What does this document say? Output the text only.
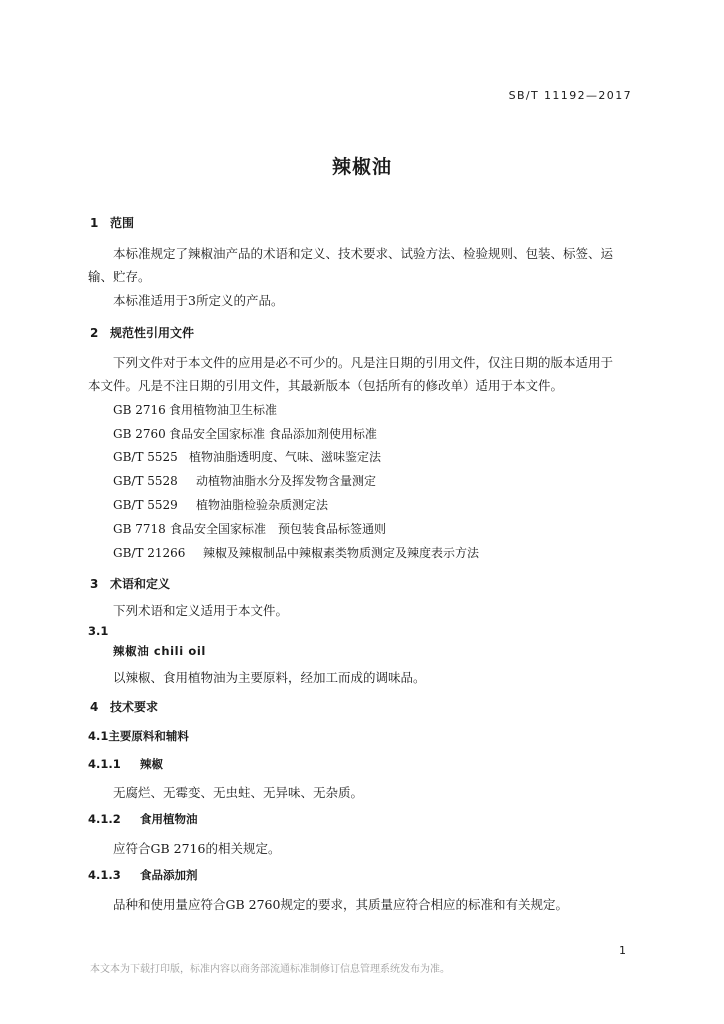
SB/T 11192—2017
辣椒油
1 范围
本标准规定了辣椒油产品的术语和定义、技术要求、试验方法、检验规则、包装、标签、运
输、贮存。
本标准适用于3所定义的产品。
2 规范性引用文件
下列文件对于本文件的应用是必不可少的。凡是注日期的引用文件，仅注日期的版本适用于
本文件。凡是不注日期的引用文件，其最新版本（包括所有的修改单）适用于本文件。
GB 2716 食用植物油卫生标准
GB 2760 食品安全国家标准 食品添加剂使用标准
GB/T 5525 植物油脂透明度、气味、滋味鉴定法
GB/T 5528 动植物油脂水分及挥发物含量测定
GB/T 5529 植物油脂检验杂质测定法
GB 7718 食品安全国家标准　预包装食品标签通则
GB/T 21266 辣椒及辣椒制品中辣椒素类物质测定及辣度表示方法
3 术语和定义
下列术语和定义适用于本文件。
3.1
辣椒油 chili oil
以辣椒、食用植物油为主要原料，经加工而成的调味品。
4 技术要求
4.1主要原料和辅料
4.1.1 辣椒
无腐烂、无霉变、无虫蛀、无异味、无杂质。
4.1.2 食用植物油
应符合GB 2716的相关规定。
4.1.3 食品添加剂
品种和使用量应符合GB 2760规定的要求，其质量应符合相应的标准和有关规定。
1
本文本为下载打印版，标准内容以商务部流通标准制修订信息管理系统发布为准。
